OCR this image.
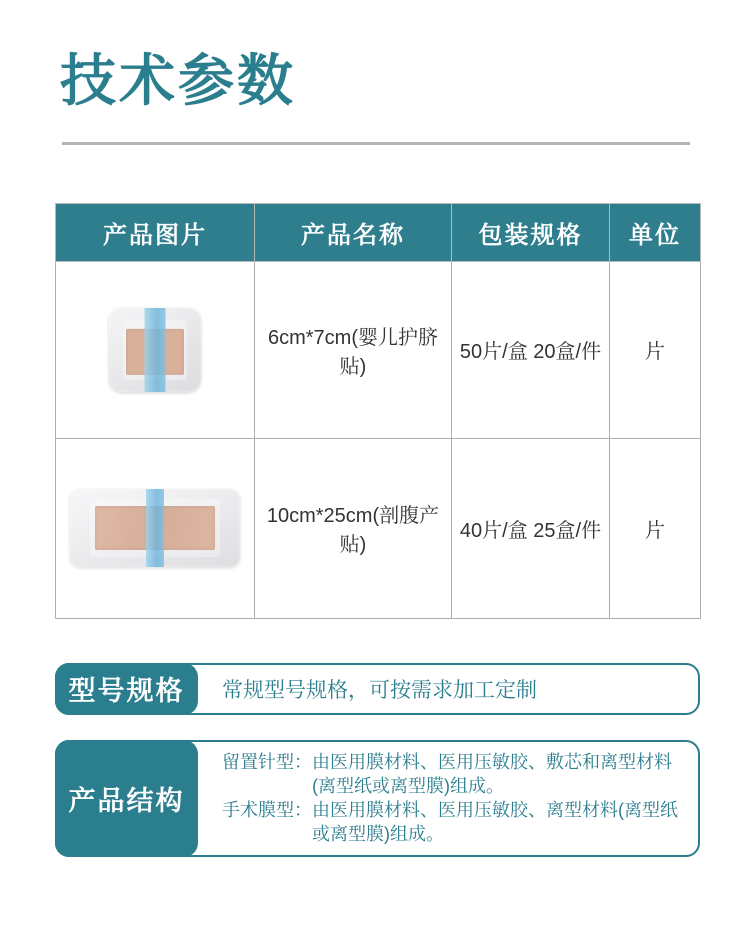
技术参数
产品图片	产品名称	包装规格	单位

	6cm*7cm(婴儿护脐贴)	50片/盒 20盒/件	片

	10cm*25cm(剖腹产贴)	40片/盒 25盒/件	片
型号规格	常规型号规格，可按需求加工定制
产品结构
留置针型： 由医用膜材料、医用压敏胶、敷芯和离型材料(离型纸或离型膜)组成。
手术膜型： 由医用膜材料、医用压敏胶、离型材料(离型纸或离型膜)组成。
